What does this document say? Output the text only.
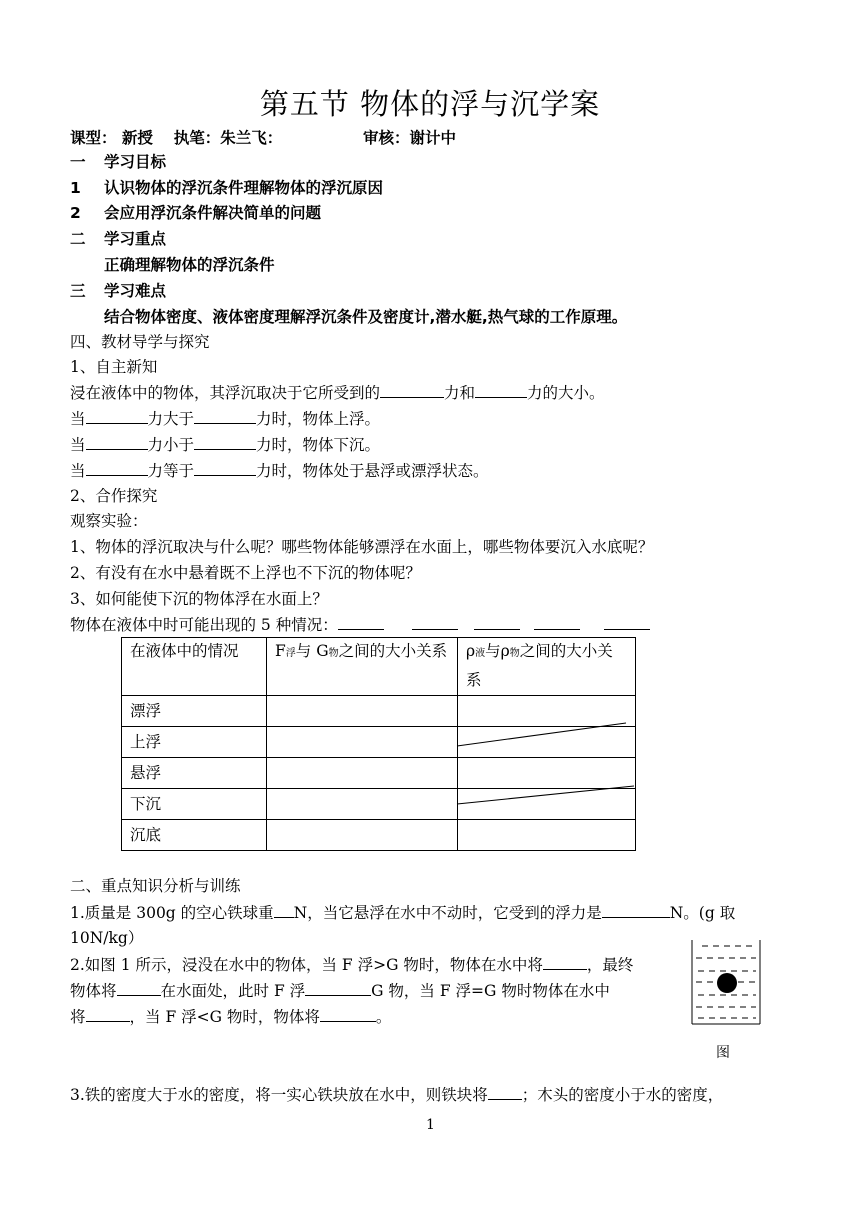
第五节 物体的浮与沉学案
课型： 新授 执笔：朱兰飞：	审核：谢计中
一 学习目标
1 认识物体的浮沉条件理解物体的浮沉原因
2 会应用浮沉条件解决简单的问题
二 学习重点
正确理解物体的浮沉条件
三 学习难点
结合物体密度、液体密度理解浮沉条件及密度计,潜水艇,热气球的工作原理。
四、教材导学与探究
1、自主新知
浸在液体中的物体，其浮沉取决于它所受到的	力和	力的大小。
当	力大于	力时，物体上浮。
当	力小于	力时，物体下沉。
当	力等于	力时，物体处于悬浮或漂浮状态。
2、合作探究
观察实验：
1、物体的浮沉取决与什么呢？哪些物体能够漂浮在水面上，哪些物体要沉入水底呢？
2、有没有在水中悬着既不上浮也不下沉的物体呢？
3、如何能使下沉的物体浮在水面上？
物体在液体中时可能出现的 5 种情况：
在液体中的情况	F浮与 G物之间的大小关系	ρ液与ρ物之间的大小关系
漂浮		
上浮		
悬浮		
下沉		
沉底		
二、重点知识分析与训练
1.质量是 300g 的空心铁球重 N，当它悬浮在水中不动时，它受到的浮力是	N。(g 取
10N/kg）
2.如图 1 所示，浸没在水中的物体，当 F 浮>G 物时，物体在水中将	，最终
物体将	在水面处，此时 F 浮	G 物，当 F 浮=G 物时物体在水中
将	，当 F 浮<G 物时，物体将	。
图
3.铁的密度大于水的密度，将一实心铁块放在水中，则铁块将 ；木头的密度小于水的密度，
1
